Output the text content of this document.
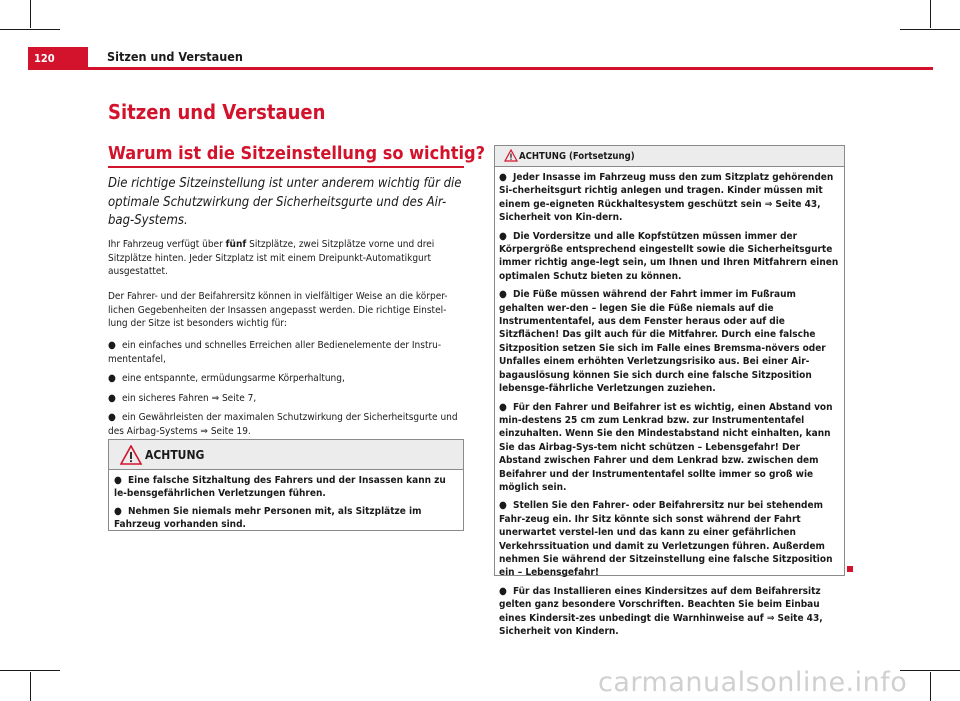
120	Sitzen und Verstauen
Sitzen und Verstauen
Warum ist die Sitzeinstellung so wichtig?
Die richtige Sitzeinstellung ist unter anderem wichtig für die optimale Schutzwirkung der Sicherheitsgurte und des Air-bag-Systems.

Ihr Fahrzeug verfügt über fünf Sitzplätze, zwei Sitzplätze vorne und drei Sitzplätze hinten. Jeder Sitzplatz ist mit einem Dreipunkt-Automatikgurt ausgestattet.

Der Fahrer- und der Beifahrersitz können in vielfältiger Weise an die körper-lichen Gegebenheiten der Insassen angepasst werden. Die richtige Einstel-lung der Sitze ist besonders wichtig für:

● ein einfaches und schnelles Erreichen aller Bedienelemente der Instru-mententafel,
● eine entspannte, ermüdungsarme Körperhaltung,
● ein sicheres Fahren ⇒ Seite 7,
● ein Gewährleisten der maximalen Schutzwirkung der Sicherheitsgurte und des Airbag-Systems ⇒ Seite 19.
ACHTUNG

● Eine falsche Sitzhaltung des Fahrers und der Insassen kann zu le-bensgefährlichen Verletzungen führen.

● Nehmen Sie niemals mehr Personen mit, als Sitzplätze im Fahrzeug vorhanden sind.

ACHTUNG (Fortsetzung)

● Jeder Insasse im Fahrzeug muss den zum Sitzplatz gehörenden Si-cherheitsgurt richtig anlegen und tragen. Kinder müssen mit einem ge-eigneten Rückhaltesystem geschützt sein ⇒ Seite 43, Sicherheit von Kin-dern.

● Die Vordersitze und alle Kopfstützen müssen immer der Körpergröße entsprechend eingestellt sowie die Sicherheitsgurte immer richtig ange-legt sein, um Ihnen und Ihren Mitfahrern einen optimalen Schutz bieten zu können.

● Die Füße müssen während der Fahrt immer im Fußraum gehalten wer-den – legen Sie die Füße niemals auf die Instrumententafel, aus dem Fenster heraus oder auf die Sitzflächen! Das gilt auch für die Mitfahrer. Durch eine falsche Sitzposition setzen Sie sich im Falle eines Bremsma-növers oder Unfalles einem erhöhten Verletzungsrisiko aus. Bei einer Air-bagauslösung können Sie sich durch eine falsche Sitzposition lebensge-fährliche Verletzungen zuziehen.

● Für den Fahrer und Beifahrer ist es wichtig, einen Abstand von min-destens 25 cm zum Lenkrad bzw. zur Instrumententafel einzuhalten. Wenn Sie den Mindestabstand nicht einhalten, kann Sie das Airbag-Sys-tem nicht schützen – Lebensgefahr! Der Abstand zwischen Fahrer und dem Lenkrad bzw. zwischen dem Beifahrer und der Instrumententafel sollte immer so groß wie möglich sein.

● Stellen Sie den Fahrer- oder Beifahrersitz nur bei stehendem Fahr-zeug ein. Ihr Sitz könnte sich sonst während der Fahrt unerwartet verstel-len und das kann zu einer gefährlichen Verkehrssituation und damit zu Verletzungen führen. Außerdem nehmen Sie während der Sitzeinstellung eine falsche Sitzposition ein – Lebensgefahr!

● Für das Installieren eines Kindersitzes auf dem Beifahrersitz gelten ganz besondere Vorschriften. Beachten Sie beim Einbau eines Kindersit-zes unbedingt die Warnhinweise auf ⇒ Seite 43, Sicherheit von Kindern.

carmanualsonline.info
